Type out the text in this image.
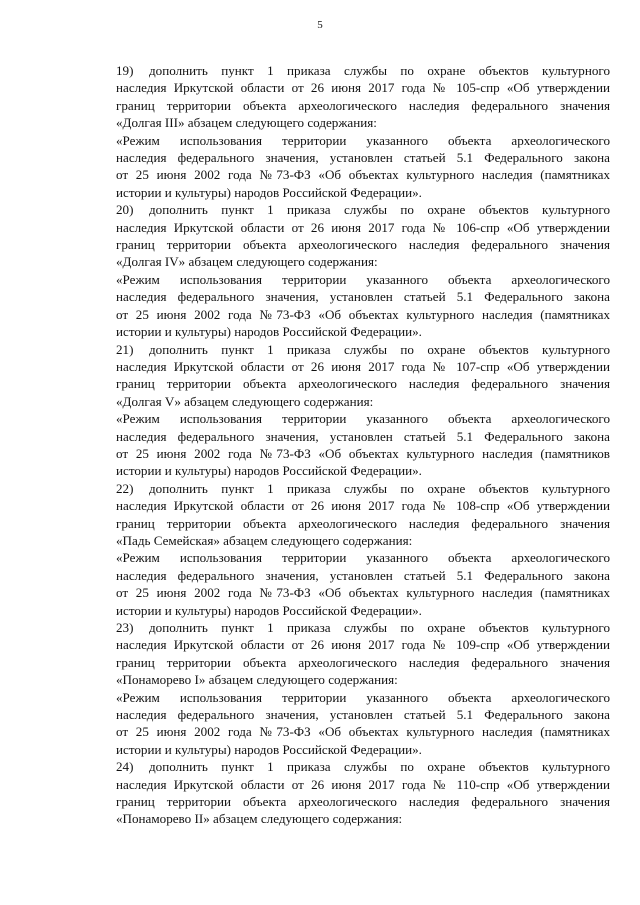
5

19) дополнить пункт 1 приказа службы по охране объектов культурного
наследия Иркутской области от 26 июня 2017 года № 105-спр «Об утверждении
границ территории объекта археологического наследия федерального значения
«Долгая III» абзацем следующего содержания:

«Режим использования территории указанного объекта археологического
наследия федерального значения, установлен статьей 5.1 Федерального закона
от 25 июня 2002 года №73-ФЗ «Об объектах культурного наследия (памятниках
истории и культуры) народов Российской Федерации».

20) дополнить пункт 1 приказа службы по охране объектов культурного
наследия Иркутской области от 26 июня 2017 года № 106-спр «Об утверждении
границ территории объекта археологического наследия федерального значения
«Долгая IV» абзацем следующего содержания:

«Режим использования территории указанного объекта археологического
наследия федерального значения, установлен статьей 5.1 Федерального закона
от 25 июня 2002 года №73-ФЗ «Об объектах культурного наследия (памятниках
истории и культуры) народов Российской Федерации».

21) дополнить пункт 1 приказа службы по охране объектов культурного
наследия Иркутской области от 26 июня 2017 года № 107-спр «Об утверждении
границ территории объекта археологического наследия федерального значения
«Долгая V» абзацем следующего содержания:

«Режим использования территории указанного объекта археологического
наследия федерального значения, установлен статьей 5.1 Федерального закона
от 25 июня 2002 года №73-ФЗ «Об объектах культурного наследия (памятников
истории и культуры) народов Российской Федерации».

22) дополнить пункт 1 приказа службы по охране объектов культурного
наследия Иркутской области от 26 июня 2017 года № 108-спр «Об утверждении
границ территории объекта археологического наследия федерального значения
«Падь Семейская» абзацем следующего содержания:

«Режим использования территории указанного объекта археологического
наследия федерального значения, установлен статьей 5.1 Федерального закона
от 25 июня 2002 года №73-ФЗ «Об объектах культурного наследия (памятниках
истории и культуры) народов Российской Федерации».

23) дополнить пункт 1 приказа службы по охране объектов культурного
наследия Иркутской области от 26 июня 2017 года № 109-спр «Об утверждении
границ территории объекта археологического наследия федерального значения
«Понаморево I» абзацем следующего содержания:

«Режим использования территории указанного объекта археологического
наследия федерального значения, установлен статьей 5.1 Федерального закона
от 25 июня 2002 года №73-ФЗ «Об объектах культурного наследия (памятниках
истории и культуры) народов Российской Федерации».

24) дополнить пункт 1 приказа службы по охране объектов культурного
наследия Иркутской области от 26 июня 2017 года № 110-спр «Об утверждении
границ территории объекта археологического наследия федерального значения
«Понаморево II» абзацем следующего содержания:
